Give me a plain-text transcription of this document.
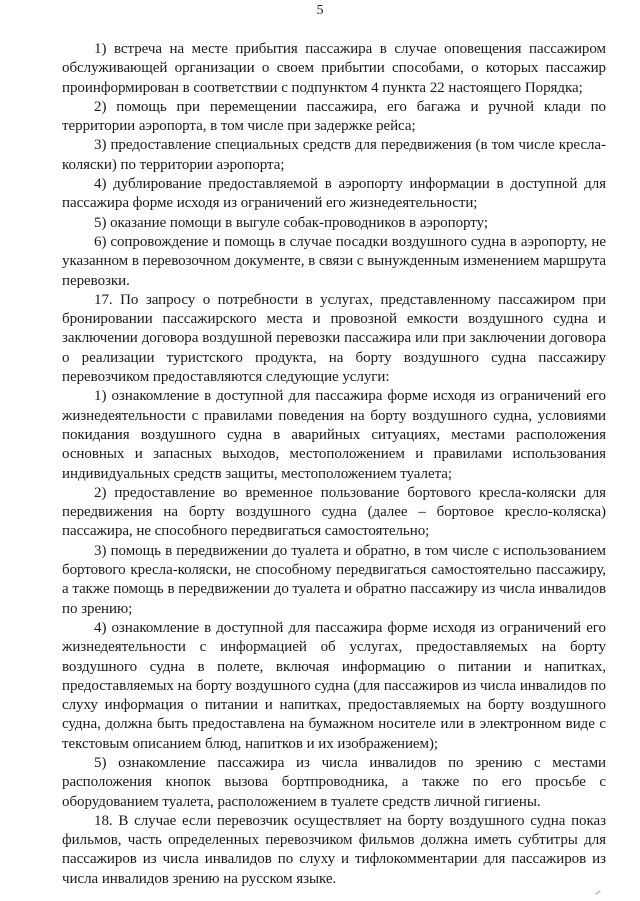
5

1) встреча на месте прибытия пассажира в случае оповещения пассажиром обслуживающей организации о своем прибытии способами, о которых пассажир проинформирован в соответствии с подпунктом 4 пункта 22 настоящего Порядка;

2) помощь при перемещении пассажира, его багажа и ручной клади по территории аэропорта, в том числе при задержке рейса;

3) предоставление специальных средств для передвижения (в том числе кресла-коляски) по территории аэропорта;

4) дублирование предоставляемой в аэропорту информации в доступной для пассажира форме исходя из ограничений его жизнедеятельности;

5) оказание помощи в выгуле собак-проводников в аэропорту;

6) сопровождение и помощь в случае посадки воздушного судна в аэропорту, не указанном в перевозочном документе, в связи с вынужденным изменением маршрута перевозки.

17. По запросу о потребности в услугах, представленному пассажиром при бронировании пассажирского места и провозной емкости воздушного судна и заключении договора воздушной перевозки пассажира или при заключении договора о реализации туристского продукта, на борту воздушного судна пассажиру перевозчиком предоставляются следующие услуги:

1) ознакомление в доступной для пассажира форме исходя из ограничений его жизнедеятельности с правилами поведения на борту воздушного судна, условиями покидания воздушного судна в аварийных ситуациях, местами расположения основных и запасных выходов, местоположением и правилами использования индивидуальных средств защиты, местоположением туалета;

2) предоставление во временное пользование бортового кресла-коляски для передвижения на борту воздушного судна (далее – бортовое кресло-коляска) пассажира, не способного передвигаться самостоятельно;

3) помощь в передвижении до туалета и обратно, в том числе с использованием бортового кресла-коляски, не способному передвигаться самостоятельно пассажиру, а также помощь в передвижении до туалета и обратно пассажиру из числа инвалидов по зрению;

4) ознакомление в доступной для пассажира форме исходя из ограничений его жизнедеятельности с информацией об услугах, предоставляемых на борту воздушного судна в полете, включая информацию о питании и напитках, предоставляемых на борту воздушного судна (для пассажиров из числа инвалидов по слуху информация о питании и напитках, предоставляемых на борту воздушного судна, должна быть предоставлена на бумажном носителе или в электронном виде с текстовым описанием блюд, напитков и их изображением);

5) ознакомление пассажира из числа инвалидов по зрению с местами расположения кнопок вызова бортпроводника, а также по его просьбе с оборудованием туалета, расположением в туалете средств личной гигиены.

18. В случае если перевозчик осуществляет на борту воздушного судна показ фильмов, часть определенных перевозчиком фильмов должна иметь субтитры для пассажиров из числа инвалидов по слуху и тифлокомментарии для пассажиров из числа инвалидов зрению на русском языке.
